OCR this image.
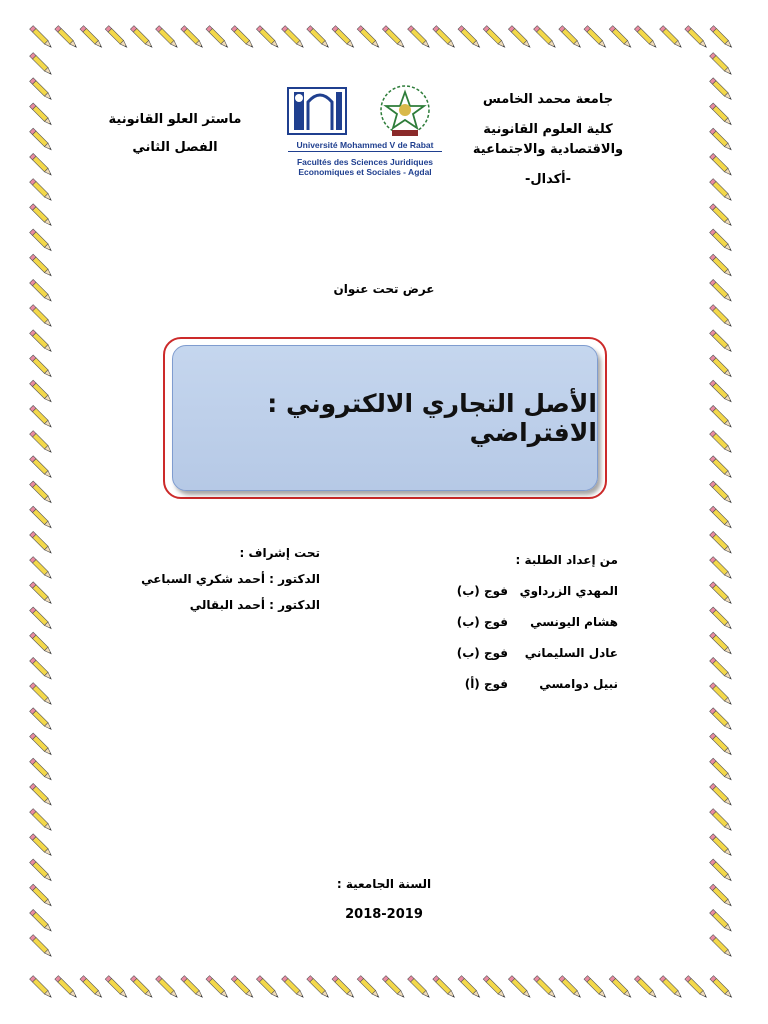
جامعة محمد الخامس
كلية العلوم القانونية والاقتصادية والاجتماعية
-أكدال-
ماستر العلو القانونية
الفصل الثاني	Université Mohammed V de Rabat
Facultés des Sciences Juridiques
Economiques et Sociales - Agdal
عرض تحت عنوان
الأصل التجاري الالكتروني : الافتراضي
تحت إشراف :
الدكتور : أحمد شكري السباعي
الدكتور : أحمد البقالي
من إعداد الطلبة :
المهدي الزرداوي
فوج (ب)
هشام اليونسي
فوج (ب)
عادل السليماني
فوج (ب)
نبيل دوامسي
فوج (أ)
السنة الجامعية :
2018-2019
